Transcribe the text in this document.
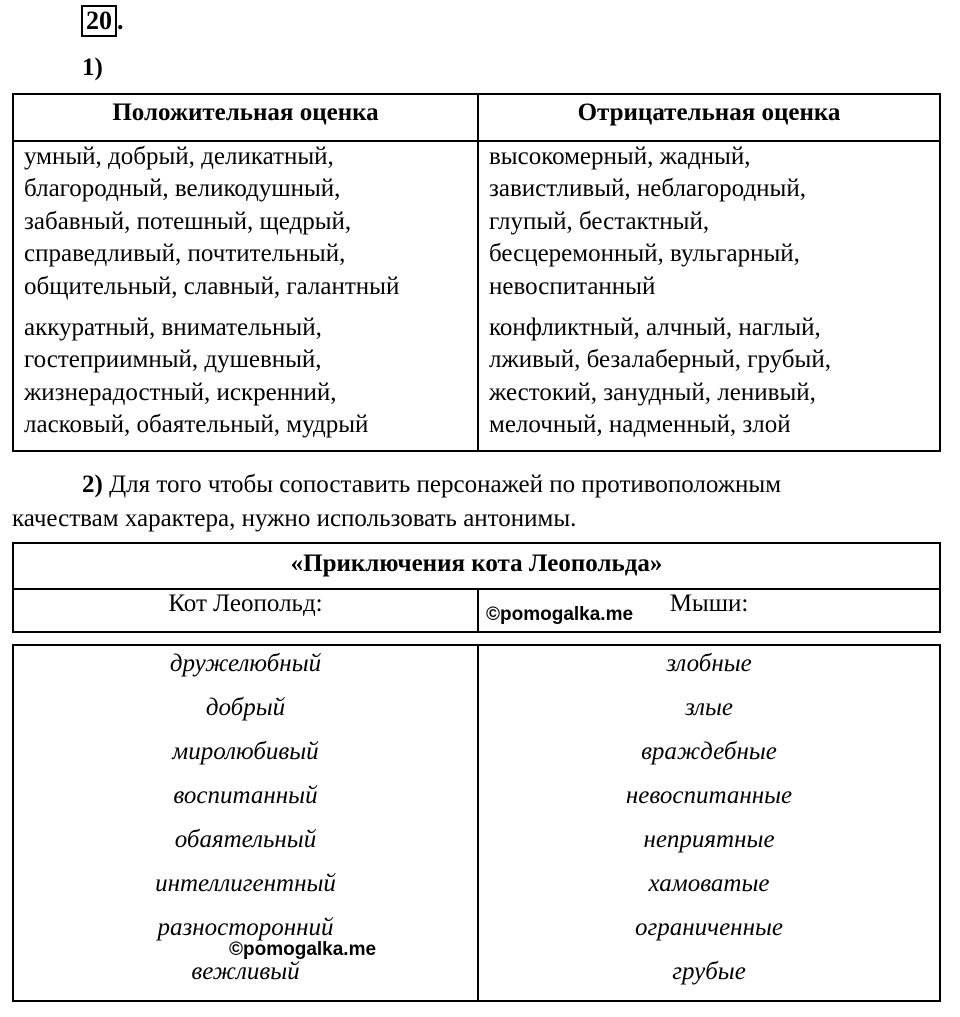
20 .
1)
Положительная оценка	Отрицательная оценка
умный, добрый, деликатный,
благородный, великодушный,
забавный, потешный, щедрый,
справедливый, почтительный,
общительный, славный, галантный
высокомерный, жадный,
завистливый, неблагородный,
глупый, бестактный,
бесцеремонный, вульгарный,
невоспитанный
аккуратный, внимательный,
гостеприимный, душевный,
жизнерадостный, искренний,
ласковый, обаятельный, мудрый
конфликтный, алчный, наглый,
лживый, безалаберный, грубый,
жестокий, занудный, ленивый,
мелочный, надменный, злой
2) Для того чтобы сопоставить персонажей по противоположным
качествам характера, нужно использовать антонимы.
«Приключения кота Леопольда»
Кот Леопольд:	Мыши:
дружелюбный
добрый
миролюбивый
воспитанный
обаятельный
интеллигентный
разносторонний
вежливый
злобные
злые
враждебные
невоспитанные
неприятные
хамоватые
ограниченные
грубые
©pomogalka.me
©pomogalka.me
